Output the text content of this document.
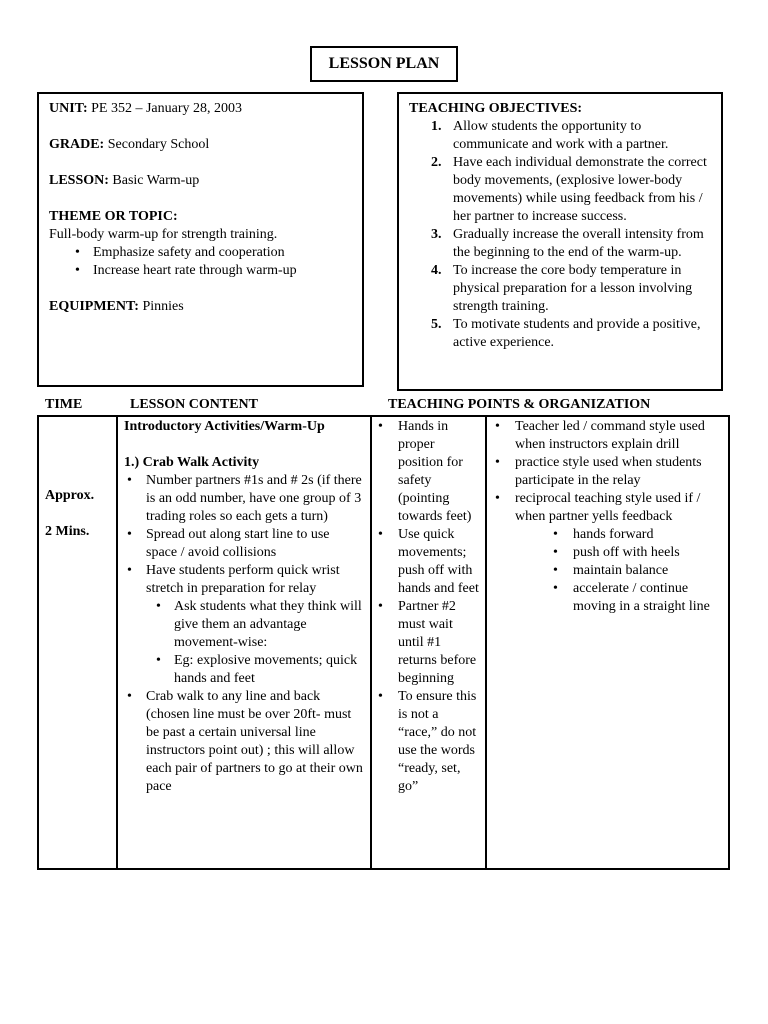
LESSON PLAN

UNIT: PE 352 – January 28, 2003

GRADE: Secondary School

LESSON: Basic Warm-up

THEME OR TOPIC:
Full-body warm-up for strength training.
• Emphasize safety and cooperation
• Increase heart rate through warm-up

EQUIPMENT: Pinnies

TEACHING OBJECTIVES:
1. Allow students the opportunity to communicate and work with a partner.
2. Have each individual demonstrate the correct body movements, (explosive lower-body movements) while using feedback from his / her partner to increase success.
3. Gradually increase the overall intensity from the beginning to the end of the warm-up.
4. To increase the core body temperature in physical preparation for a lesson involving strength training.
5. To motivate students and provide a positive, active experience.
TIME	LESSON CONTENT	TEACHING POINTS & ORGANIZATION
Approx.
2 Mins.

Introductory Activities/Warm-Up
1.) Crab Walk Activity
• Number partners #1s and # 2s (if there is an odd number, have one group of 3 trading roles so each gets a turn)
• Spread out along start line to use space / avoid collisions
• Have students perform quick wrist stretch in preparation for relay
• Ask students what they think will give them an advantage movement-wise:
• Eg: explosive movements; quick hands and feet
• Crab walk to any line and back (chosen line must be over 20ft- must be past a certain universal line instructors point out) ; this will allow each pair of partners to go at their own pace

• Hands in proper position for safety (pointing towards feet)
• Use quick movements; push off with hands and feet
• Partner #2 must wait until #1 returns before beginning
• To ensure this is not a “race,” do not use the words “ready, set, go”

• Teacher led / command style used when instructors explain drill
• practice style used when students participate in the relay
• reciprocal teaching style used if / when partner yells feedback
• hands forward
• push off with heels
• maintain balance
• accelerate / continue moving in a straight line
